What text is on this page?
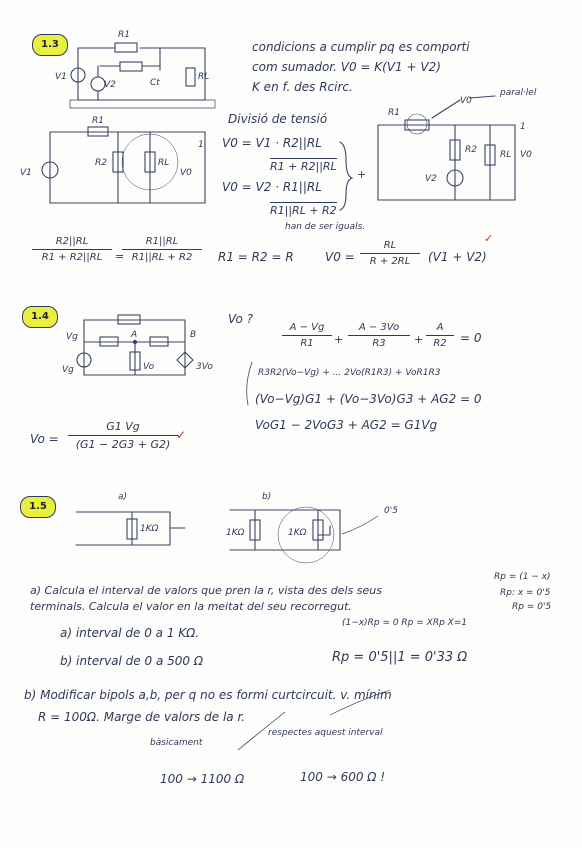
1.3	condicions a cumplir pq es comporti
com sumador. V0 = K(V1 + V2)
K en f. des Rcirc.
R1
V1
V2	Ct
RL
R1
V1
R2	RL
V0
1
Divisió de tensió
V0 = V1 · R2||RL
R1 + R2||RL
V0 = V2 · R1||RL
R1||RL + R2
han de ser iguals.
+
R1
V0
paral·lel
R2	RL V0
V2
1
R2||RL
R1 + R2||RL	=
R1||RL
R1||RL + R2	R1 = R2 = R	V0 =
RL
R + 2RL	(V1 + V2)
✓
1.4	Vo ?
Vg	A	B
Vg	Vo	3Vo
A − Vg
R1	+
A − 3Vo
R3	+
A
R2	= 0
R3R2(Vo−Vg) + ... 2Vo(R1R3) + VoR1R3
(Vo−Vg)G1 + (Vo−3Vo)G3 + AG2 = 0
VoG1 − 2VoG3 + AG2 = G1Vg
Vo =
G1 Vg
(G1 − 2G3 + G2)
✓
1.5
a)	b)
1KΩ	1KΩ	1KΩ
0'5
a) Calcula el interval de valors que pren la r, vista des dels seus
terminals. Calcula el valor en la meitat del seu recorregut.
Rp = (1 − x)
Rp: x = 0'5
Rp = 0'5
a) interval de 0 a 1 KΩ.
(1−x)Rp = 0 Rp = XRp X=1
b) interval de 0 a 500 Ω	Rp = 0'5||1 = 0'33 Ω
b) Modificar bipols a,b, per q no es formi curtcircuit. v. mínim
R = 100Ω. Marge de valors de la r.
bàsicament
respectes aquest interval
100 → 1100 Ω	100 → 600 Ω !
